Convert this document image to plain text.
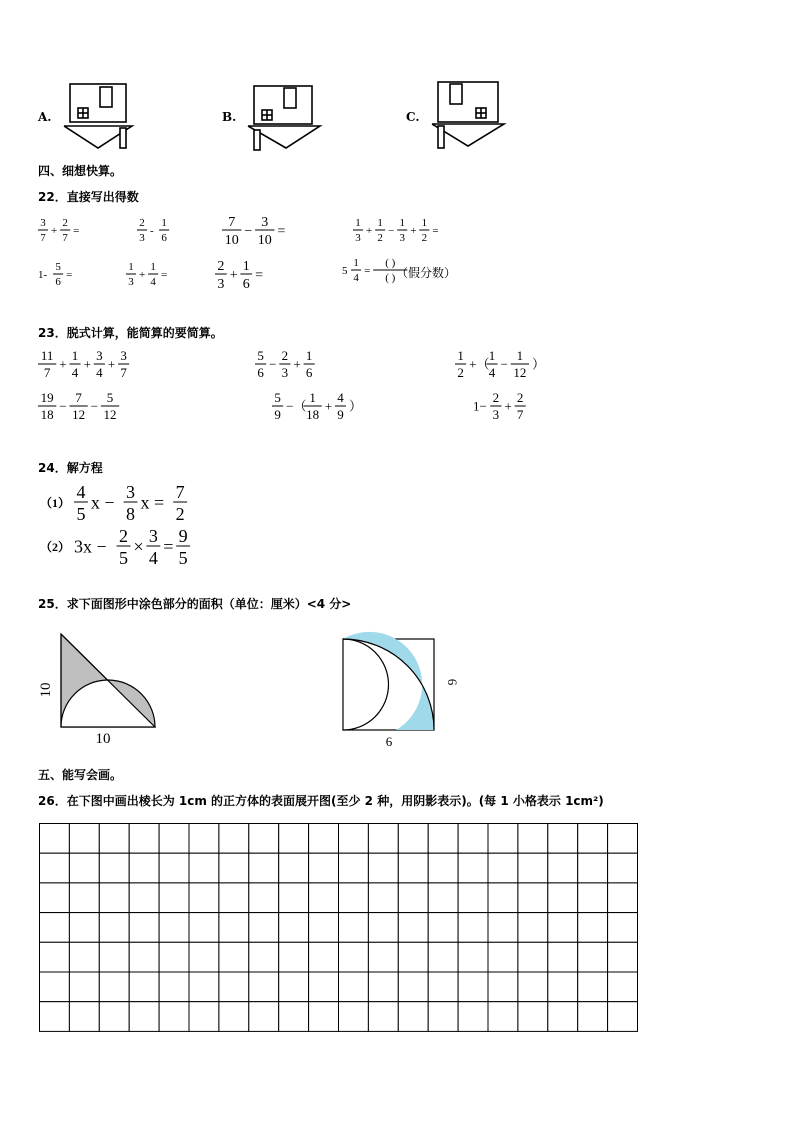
A.	B.	C.
四、细想快算。
22．直接写出得数
3
7
+
2
7
=
2
3
-
1
6
7
10
−
3
10
=
1
3
+
1
2
−
1
3
+
1
2
=
1-
5
6
=
1
3
+
1
4
=
2
3
+
1
6
=	5
1
4
=
( )
( ) （假分数）
23．脱式计算，能简算的要简算。
11
7
+
1
4
+
3
4
+
3
7
5
6
−
2
3
+
1
6
1
2
+（
1
4
−
1
12
）
19
18
−
7
12
−
5
12
5
9
−（
1
18
+
4
9
）	1−
2
3
+
2
7
24．解方程
（1）
4
5
x −
3
8
x =
7
2
（2） 3x −
2
5
×
3
4
=
9
5
25．求下面图形中涂色部分的面积（单位：厘米）<4 分>
10
10
6
6
五、能写会画。
26．在下图中画出棱长为 1cm 的正方体的表面展开图(至少 2 种，用阴影表示)。(每 1 小格表示 1cm²)
